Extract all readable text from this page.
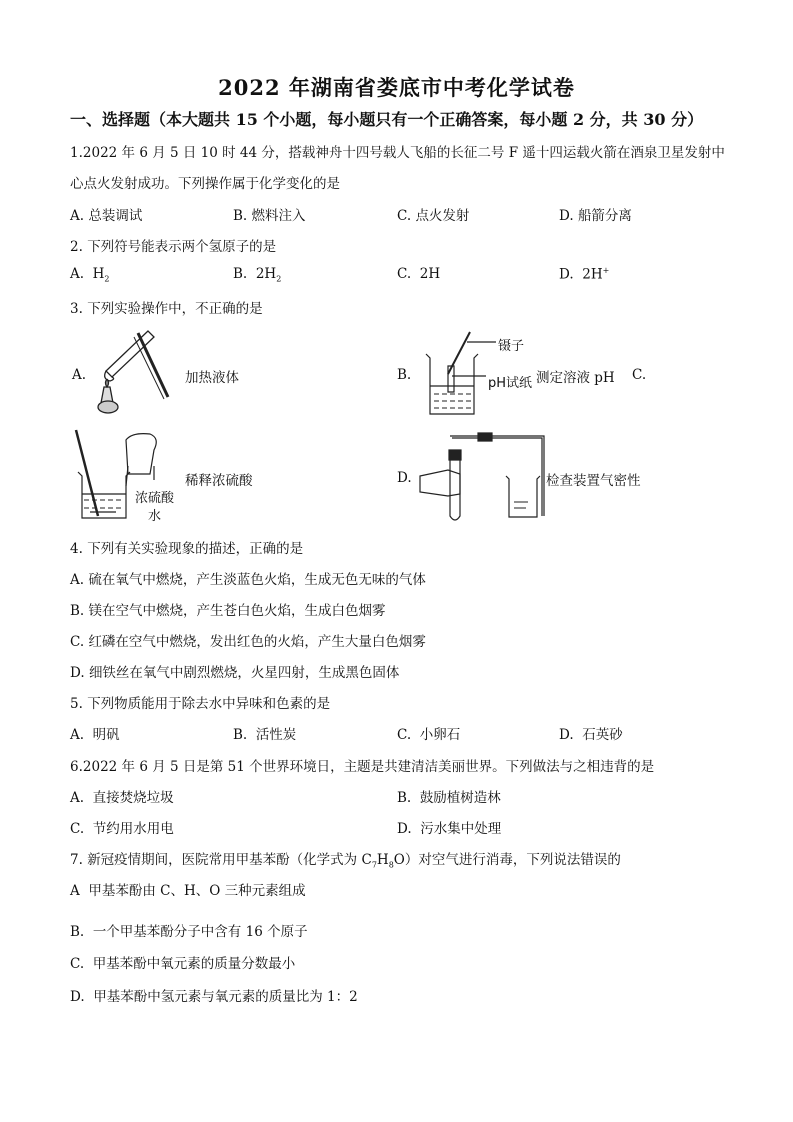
2022 年湖南省娄底市中考化学试卷
一、选择题（本大题共 15 个小题，每小题只有一个正确答案，每小题 2 分，共 30 分）
1.2022 年 6 月 5 日 10 时 44 分，搭载神舟十四号载人飞船的长征二号 F 遥十四运载火箭在酒泉卫星发射中
心点火发射成功。下列操作属于化学变化的是
A. 总装调试	B. 燃料注入	C. 点火发射	D. 船箭分离
2. 下列符号能表示两个氢原子的是
A. $H_2$	B. $2H_2$	C. 2H	D. 2H+
3. 下列实验操作中，不正确的是
A.	加热液体	B.
镊子
pH试纸 测定溶液 pH C.
浓硫酸
水
稀释浓硫酸	D.	检查装置气密性
4. 下列有关实验现象的描述，正确的是
A. 硫在氧气中燃烧，产生淡蓝色火焰，生成无色无味的气体
B. 镁在空气中燃烧，产生苍白色火焰，生成白色烟雾
C. 红磷在空气中燃烧，发出红色的火焰，产生大量白色烟雾
D. 细铁丝在氧气中剧烈燃烧，火星四射，生成黑色固体
5. 下列物质能用于除去水中异味和色素的是
A. 明矾	B. 活性炭	C. 小卵石	D. 石英砂
6.2022 年 6 月 5 日是第 51 个世界环境日，主题是共建清洁美丽世界。下列做法与之相违背的是
A. 直接焚烧垃圾	B. 鼓励植树造林
C. 节约用水用电	D. 污水集中处理
7. 新冠疫情期间，医院常用甲基苯酚（化学式为 $C_7H_8O$）对空气进行消毒，下列说法错误的
A 甲基苯酚由 C、H、O 三种元素组成
B. 一个甲基苯酚分子中含有 16 个原子
C. 甲基苯酚中氧元素的质量分数最小
D. 甲基苯酚中氢元素与氧元素的质量比为 1：2
